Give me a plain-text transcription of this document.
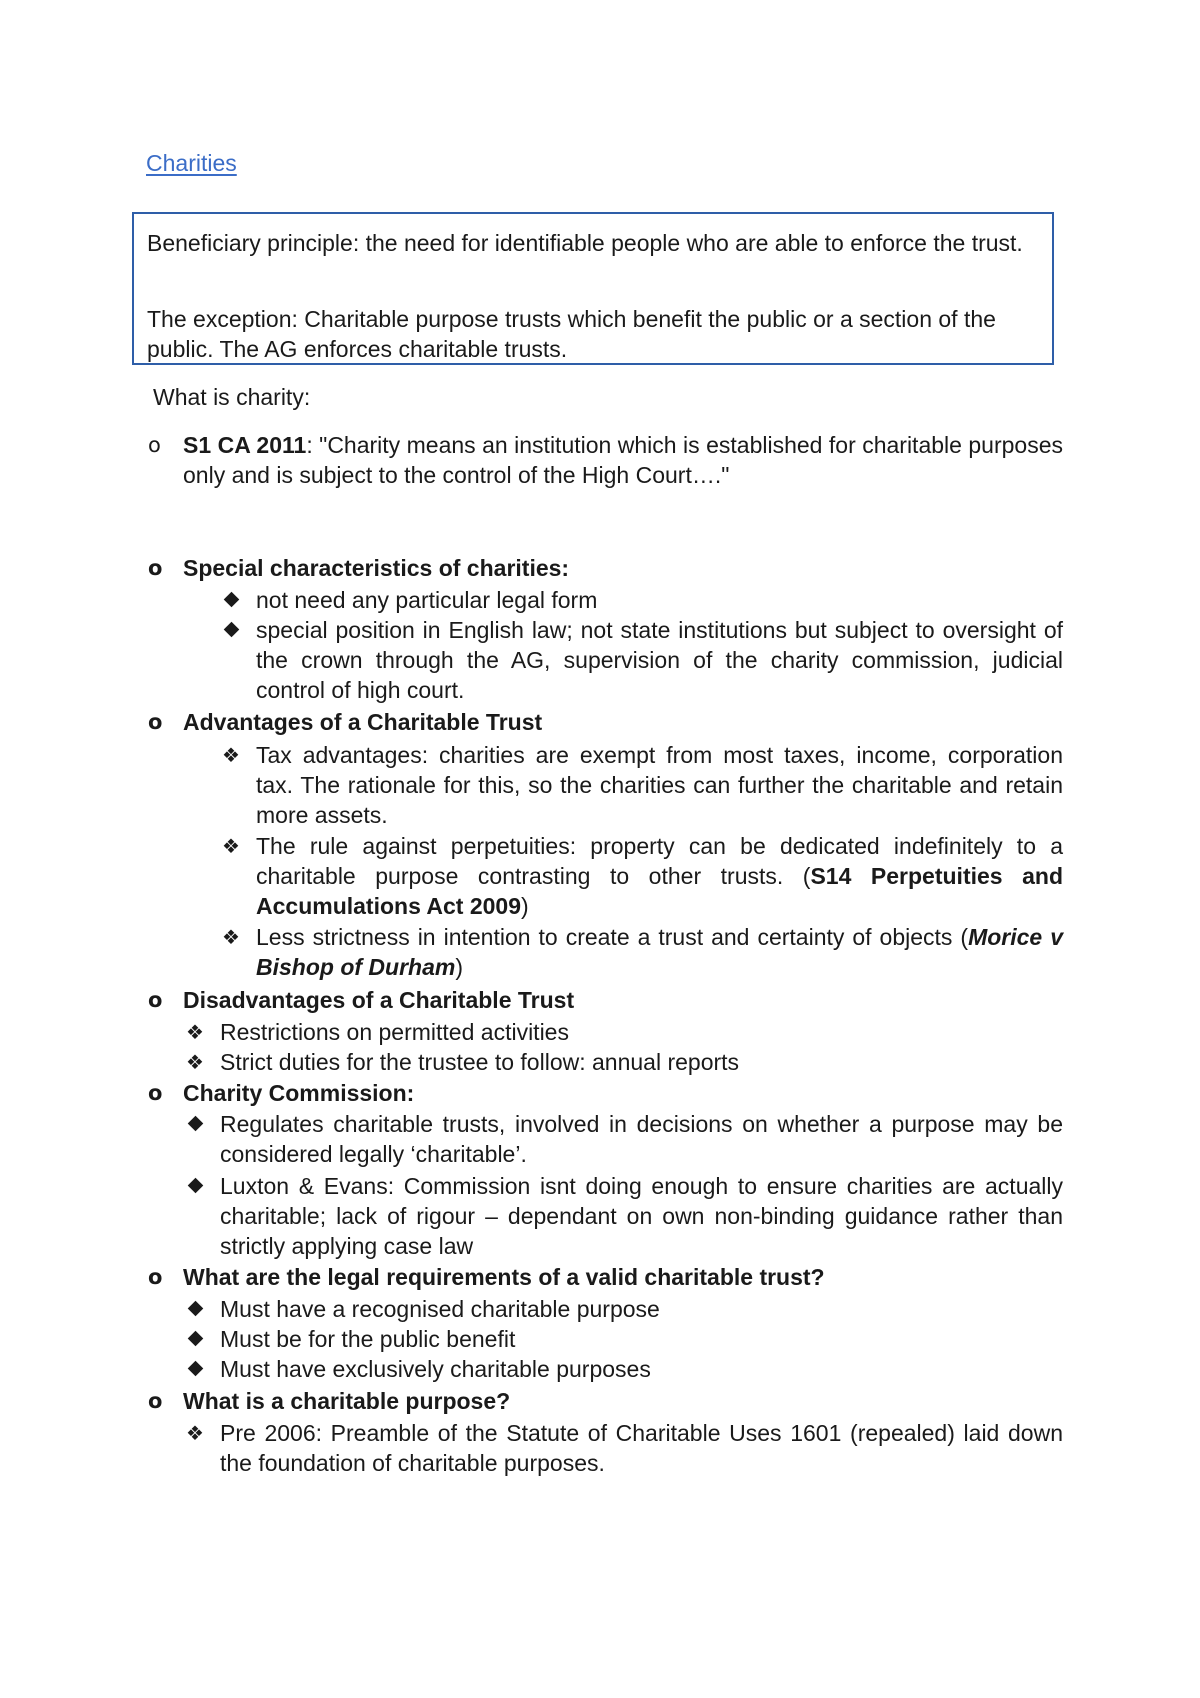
Charities

Beneficiary principle: the need for identifiable people who are able to enforce the trust.

The exception: Charitable purpose trusts which benefit the public or a section of the public. The AG enforces charitable trusts.

What is charity:
o S1 CA 2011: "Charity means an institution which is established for charitable purposes only and is subject to the control of the High Court…."
o Special characteristics of charities:
not need any particular legal form
special position in English law; not state institutions but subject to oversight of the crown through the AG, supervision of the charity commission, judicial control of high court.
o Advantages of a Charitable Trust
❖ Tax advantages: charities are exempt from most taxes, income, corporation tax. The rationale for this, so the charities can further the charitable and retain more assets.
❖ The rule against perpetuities: property can be dedicated indefinitely to a charitable purpose contrasting to other trusts. (S14 Perpetuities and Accumulations Act 2009)
❖ Less strictness in intention to create a trust and certainty of objects (Morice v Bishop of Durham)
o Disadvantages of a Charitable Trust
❖ Restrictions on permitted activities
❖ Strict duties for the trustee to follow: annual reports
o Charity Commission:
Regulates charitable trusts, involved in decisions on whether a purpose may be considered legally ‘charitable’.
Luxton & Evans: Commission isnt doing enough to ensure charities are actually charitable; lack of rigour – dependant on own non-binding guidance rather than strictly applying case law
o What are the legal requirements of a valid charitable trust?
Must have a recognised charitable purpose
Must be for the public benefit
Must have exclusively charitable purposes
o What is a charitable purpose?
❖ Pre 2006: Preamble of the Statute of Charitable Uses 1601 (repealed) laid down the foundation of charitable purposes.
